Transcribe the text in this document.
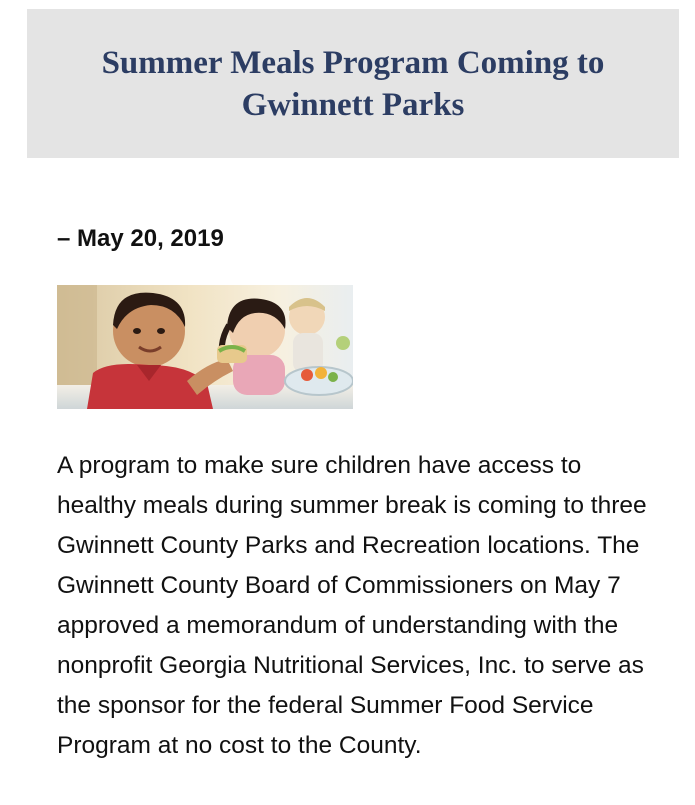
Summer Meals Program Coming to Gwinnett Parks

– May 20, 2019

A program to make sure children have access to healthy meals during summer break is coming to three Gwinnett County Parks and Recreation locations. The Gwinnett County Board of Commissioners on May 7 approved a memorandum of understanding with the nonprofit Georgia Nutritional Services, Inc. to serve as the sponsor for the federal Summer Food Service Program at no cost to the County.
